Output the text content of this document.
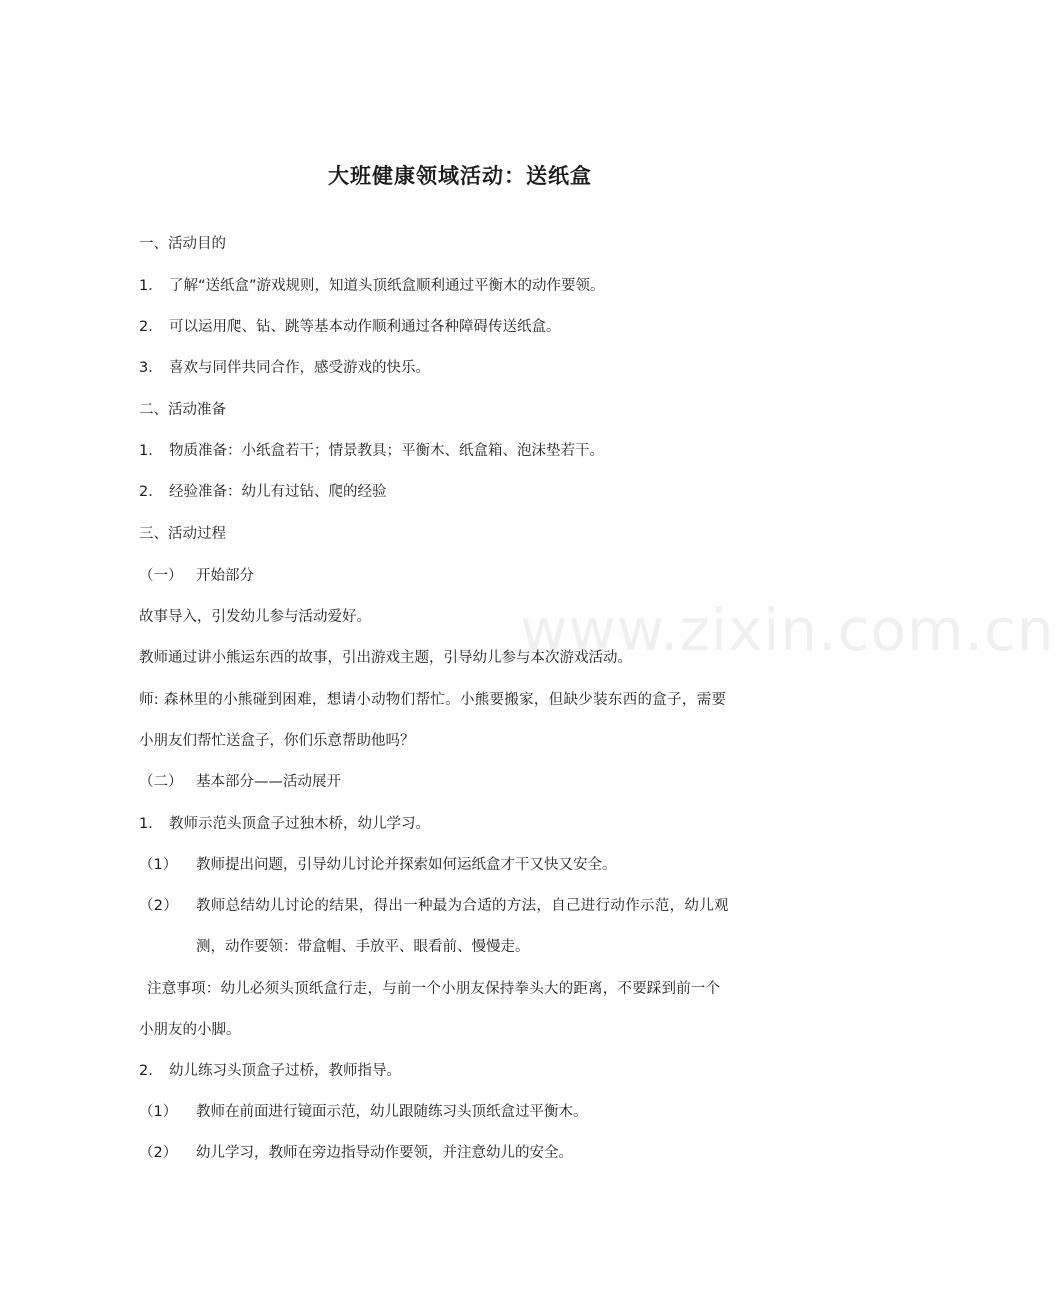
www.zixin.com.cn
大班健康领域活动：送纸盒
一、活动目的
1． 了解“送纸盒”游戏规则，知道头顶纸盒顺利通过平衡木的动作要领。
2． 可以运用爬、钻、跳等基本动作顺利通过各种障碍传送纸盒。
3． 喜欢与同伴共同合作，感受游戏的快乐。
二、活动准备
1． 物质准备：小纸盒若干；情景教具；平衡木、纸盒箱、泡沫垫若干。
2． 经验准备：幼儿有过钻、爬的经验
三、活动过程
（一） 开始部分
故事导入，引发幼儿参与活动爱好。
教师通过讲小熊运东西的故事，引出游戏主题，引导幼儿参与本次游戏活动。
师: 森林里的小熊碰到困难，想请小动物们帮忙。小熊要搬家，但缺少装东西的盒子，需要
小朋友们帮忙送盒子，你们乐意帮助他吗？
（二） 基本部分——活动展开
1. 教师示范头顶盒子过独木桥，幼儿学习。
（1） 教师提出问题，引导幼儿讨论并探索如何运纸盒才干又快又安全。
（2） 教师总结幼儿讨论的结果，得出一种最为合适的方法，自己进行动作示范，幼儿观
测，动作要领：带盒帽、手放平、眼看前、慢慢走。
注意事项：幼儿必须头顶纸盒行走，与前一个小朋友保持拳头大的距离，不要踩到前一个
小朋友的小脚。
2. 幼儿练习头顶盒子过桥，教师指导。
（1） 教师在前面进行镜面示范，幼儿跟随练习头顶纸盒过平衡木。
（2） 幼儿学习，教师在旁边指导动作要领，并注意幼儿的安全。
